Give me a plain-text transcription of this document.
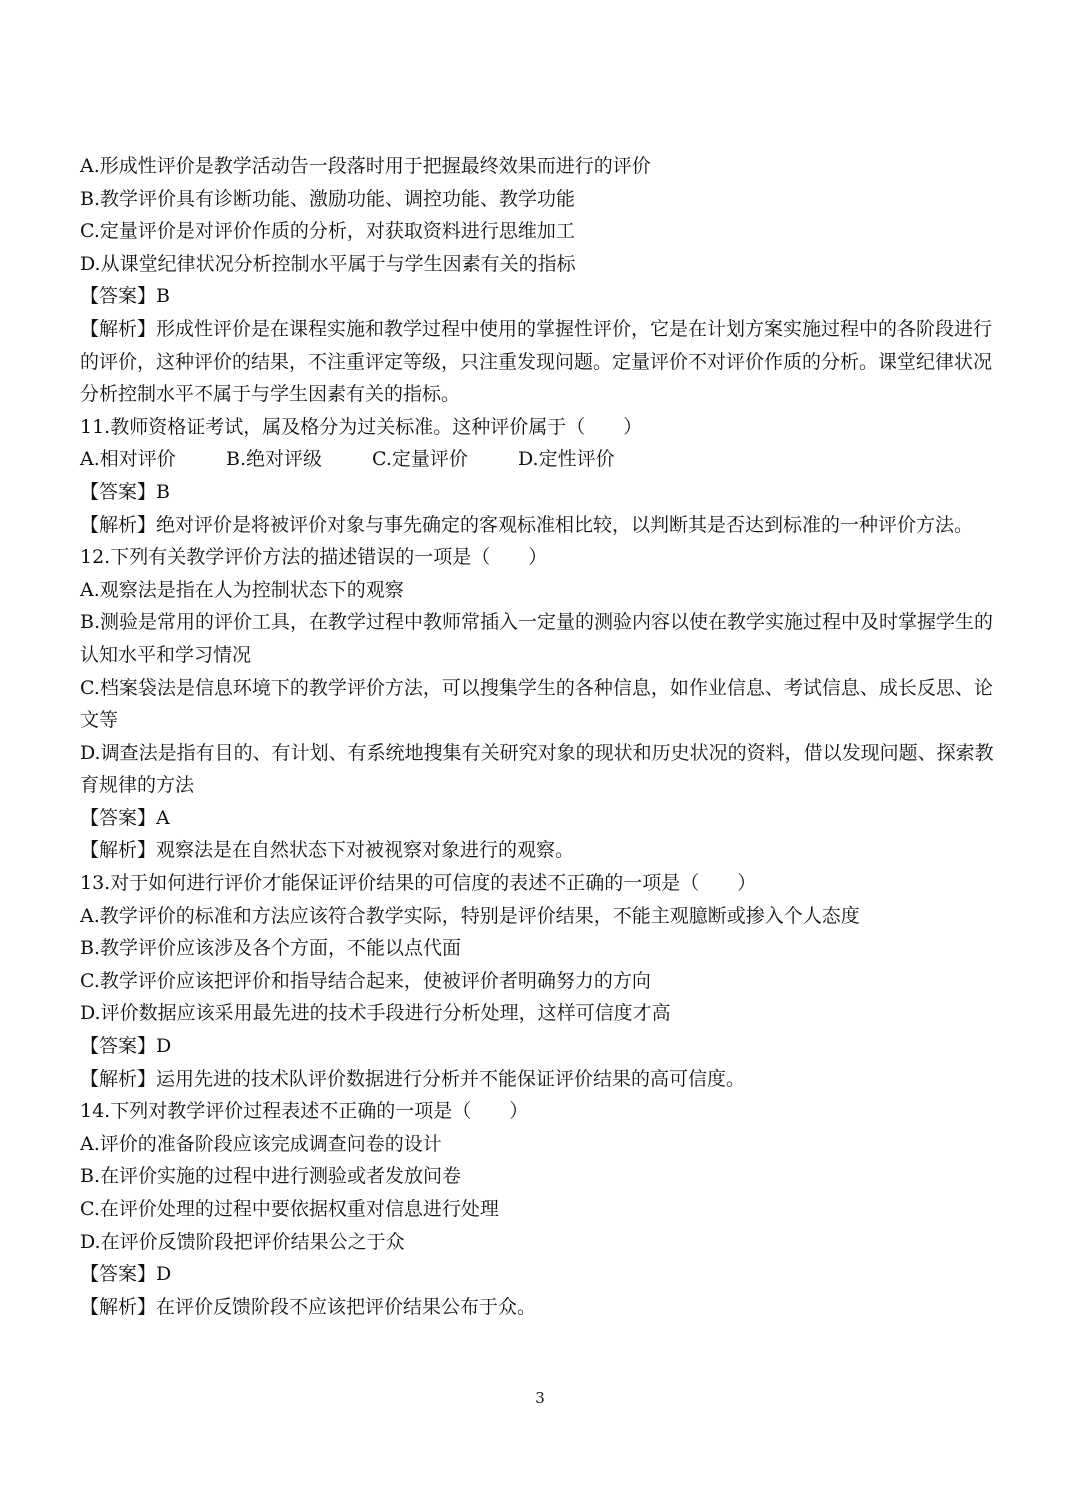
A.形成性评价是教学活动告一段落时用于把握最终效果而进行的评价
B.教学评价具有诊断功能、激励功能、调控功能、教学功能
C.定量评价是对评价作质的分析，对获取资料进行思维加工
D.从课堂纪律状况分析控制水平属于与学生因素有关的指标
【答案】B
【解析】形成性评价是在课程实施和教学过程中使用的掌握性评价，它是在计划方案实施过程中的各阶段进行的评价，这种评价的结果，不注重评定等级，只注重发现问题。定量评价不对评价作质的分析。课堂纪律状况分析控制水平不属于与学生因素有关的指标。
11.教师资格证考试，属及格分为过关标准。这种评价属于（　　）
A.相对评价	B.绝对评级	C.定量评价	D.定性评价
【答案】B
【解析】绝对评价是将被评价对象与事先确定的客观标准相比较，以判断其是否达到标准的一种评价方法。
12.下列有关教学评价方法的描述错误的一项是（　　）
A.观察法是指在人为控制状态下的观察
B.测验是常用的评价工具，在教学过程中教师常插入一定量的测验内容以使在教学实施过程中及时掌握学生的认知水平和学习情况
C.档案袋法是信息环境下的教学评价方法，可以搜集学生的各种信息，如作业信息、考试信息、成长反思、论文等
D.调查法是指有目的、有计划、有系统地搜集有关研究对象的现状和历史状况的资料，借以发现问题、探索教育规律的方法
【答案】A
【解析】观察法是在自然状态下对被视察对象进行的观察。
13.对于如何进行评价才能保证评价结果的可信度的表述不正确的一项是（　　）
A.教学评价的标准和方法应该符合教学实际，特别是评价结果，不能主观臆断或掺入个人态度
B.教学评价应该涉及各个方面，不能以点代面
C.教学评价应该把评价和指导结合起来，使被评价者明确努力的方向
D.评价数据应该采用最先进的技术手段进行分析处理，这样可信度才高
【答案】D
【解析】运用先进的技术队评价数据进行分析并不能保证评价结果的高可信度。
14.下列对教学评价过程表述不正确的一项是（　　）
A.评价的准备阶段应该完成调查问卷的设计
B.在评价实施的过程中进行测验或者发放问卷
C.在评价处理的过程中要依据权重对信息进行处理
D.在评价反馈阶段把评价结果公之于众
【答案】D
【解析】在评价反馈阶段不应该把评价结果公布于众。
3
